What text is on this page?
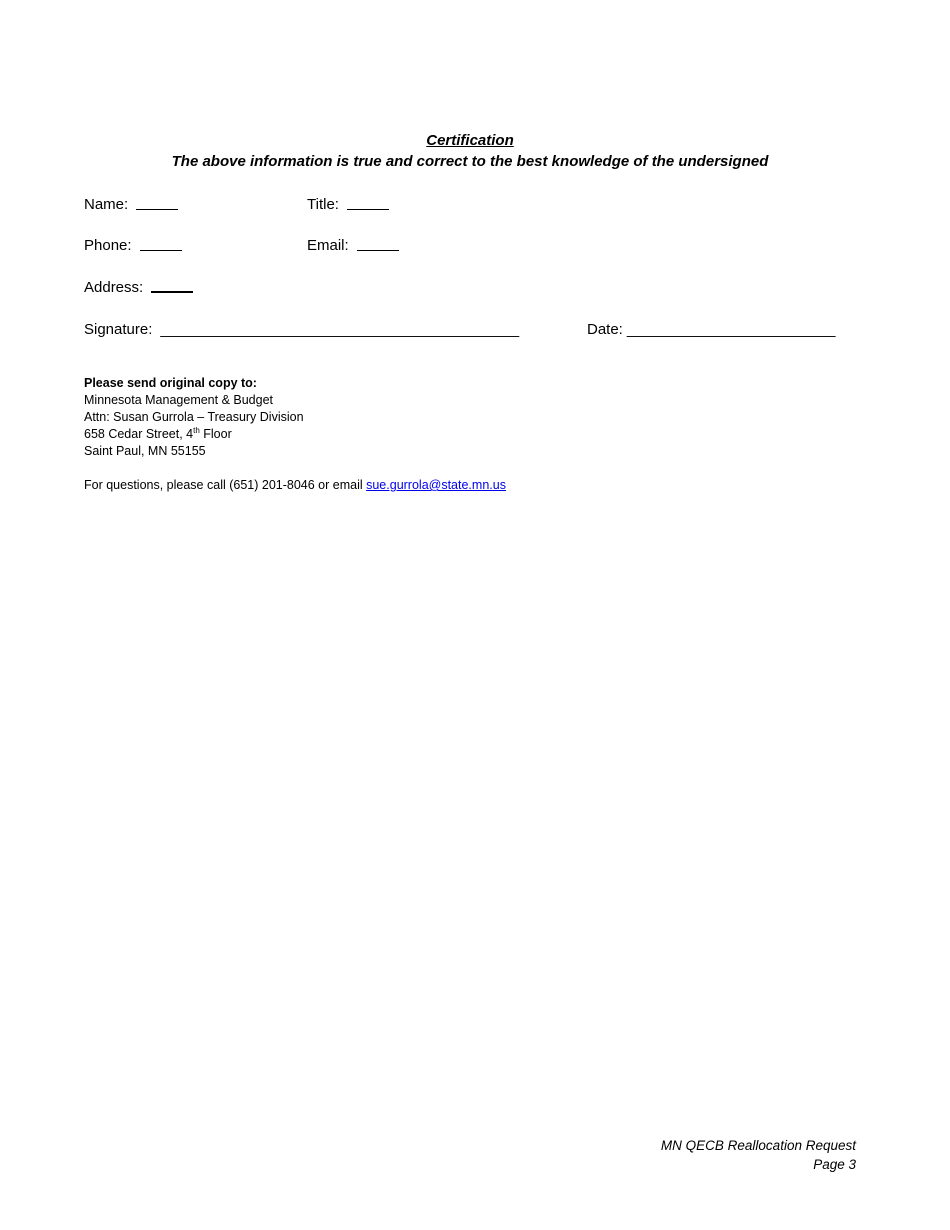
Certification
The above information is true and correct to the best knowledge of the undersigned
Name:	Title:
Phone:	Email:
Address:
Signature: ___________________________________________	Date: _________________________
Please send original copy to:
Minnesota Management & Budget
Attn: Susan Gurrola – Treasury Division
658 Cedar Street, 4th Floor
Saint Paul, MN 55155
For questions, please call (651) 201-8046 or email sue.gurrola@state.mn.us
MN QECB Reallocation Request
Page 3
